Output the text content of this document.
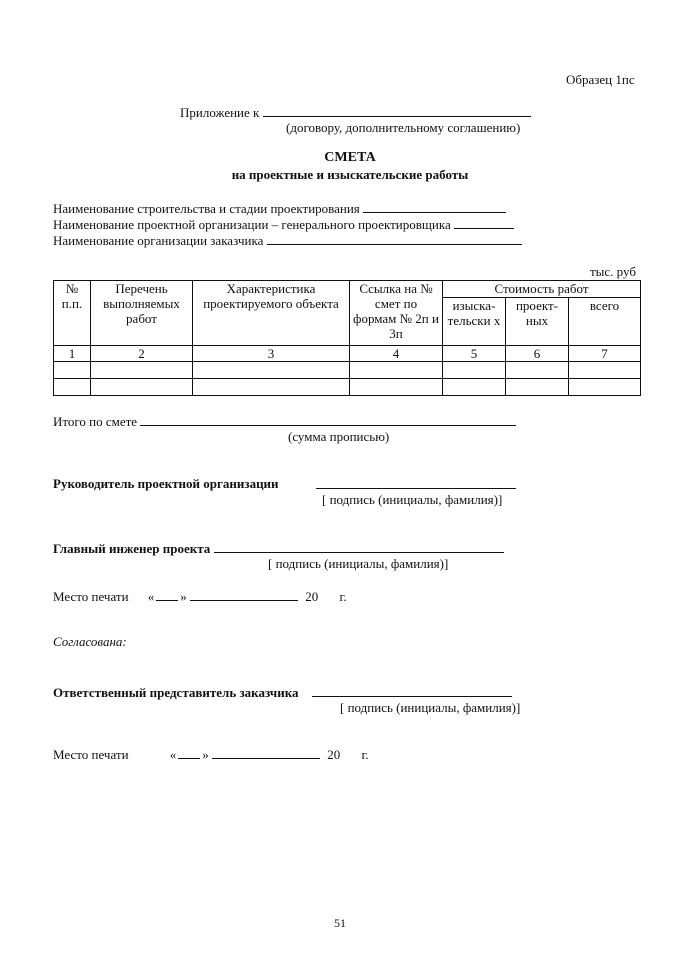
Образец 1пс
Приложение к
(договору, дополнительному соглашению)
СМЕТА
на проектные и изыскательские работы
Наименование строительства и стадии проектирования
Наименование проектной организации – генерального проектировщика
Наименование организации заказчика
тыс. руб
№ п.п.	Перечень выполняемых работ	Характеристика проектируемого объекта	Ссылка на № смет по формам № 2п и 3п	Стоимость работ		
				изыска-тельски х	проект-ных	всего
1	2	3	4	5	6	7

Итого по смете
(сумма прописью)
Руководитель проектной организации
[ подпись (инициалы, фамилия)]
Главный инженер проекта
[ подпись (инициалы, фамилия)]
Место печати « »	20 г.
Согласована:
Ответственный представитель заказчика
[ подпись (инициалы, фамилия)]
Место печати	« »	20 г.
51
